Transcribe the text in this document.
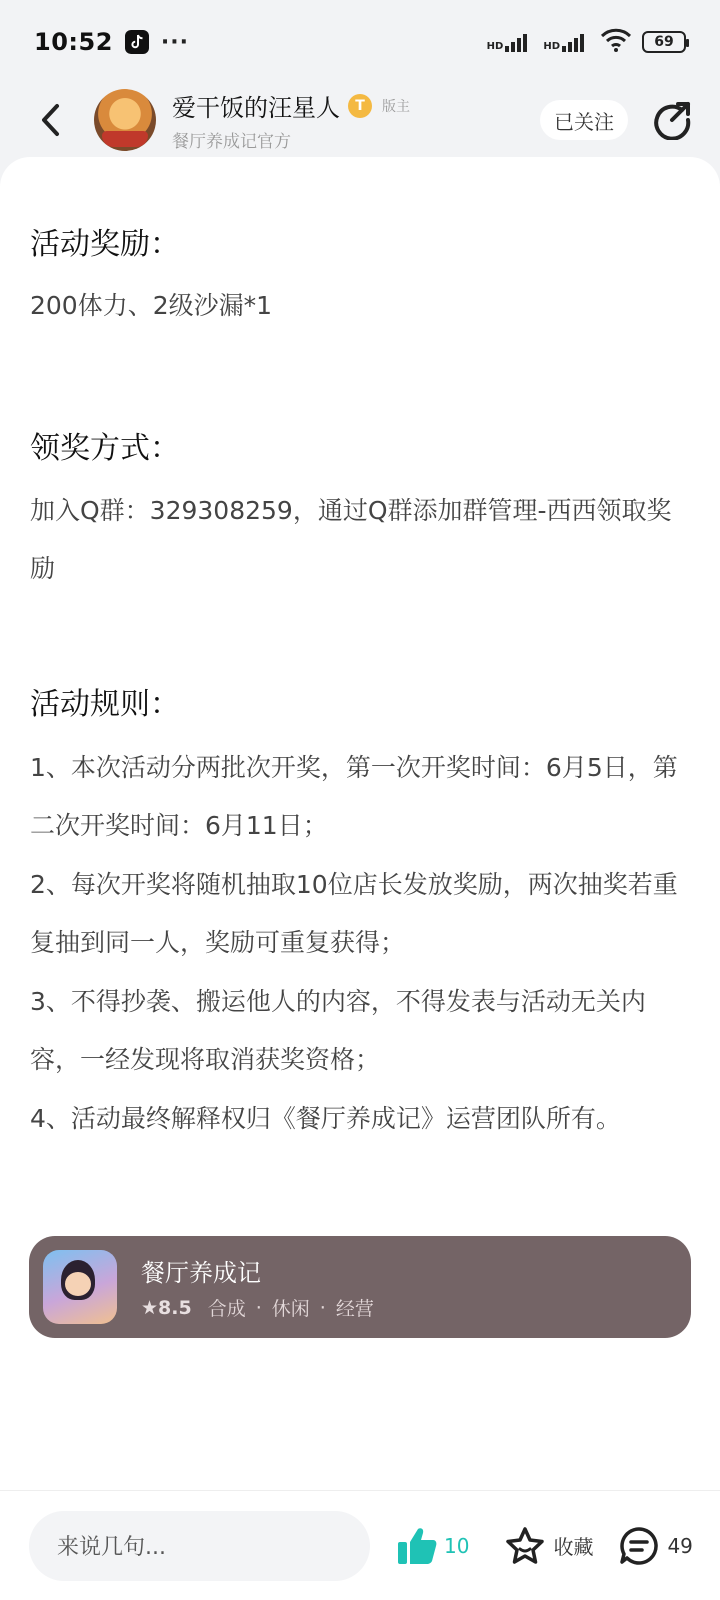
10:52 ···	HD	HD	69
爱干饭的汪星人	T	版主
餐厅养成记官方
已关注
活动奖励：
200体力、2级沙漏*1
领奖方式：
加入Q群：329308259，通过Q群添加群管理-西西领取奖励
活动规则：
1、本次活动分两批次开奖，第一次开奖时间：6月5日，第二次开奖时间：6月11日；
2、每次开奖将随机抽取10位店长发放奖励，两次抽奖若重复抽到同一人，奖励可重复获得；
3、不得抄袭、搬运他人的内容，不得发表与活动无关内容，一经发现将取消获奖资格；
4、活动最终解释权归《餐厅养成记》运营团队所有。
餐厅养成记
★8.5 合成 · 休闲 · 经营
来说几句...	10	收藏	49
